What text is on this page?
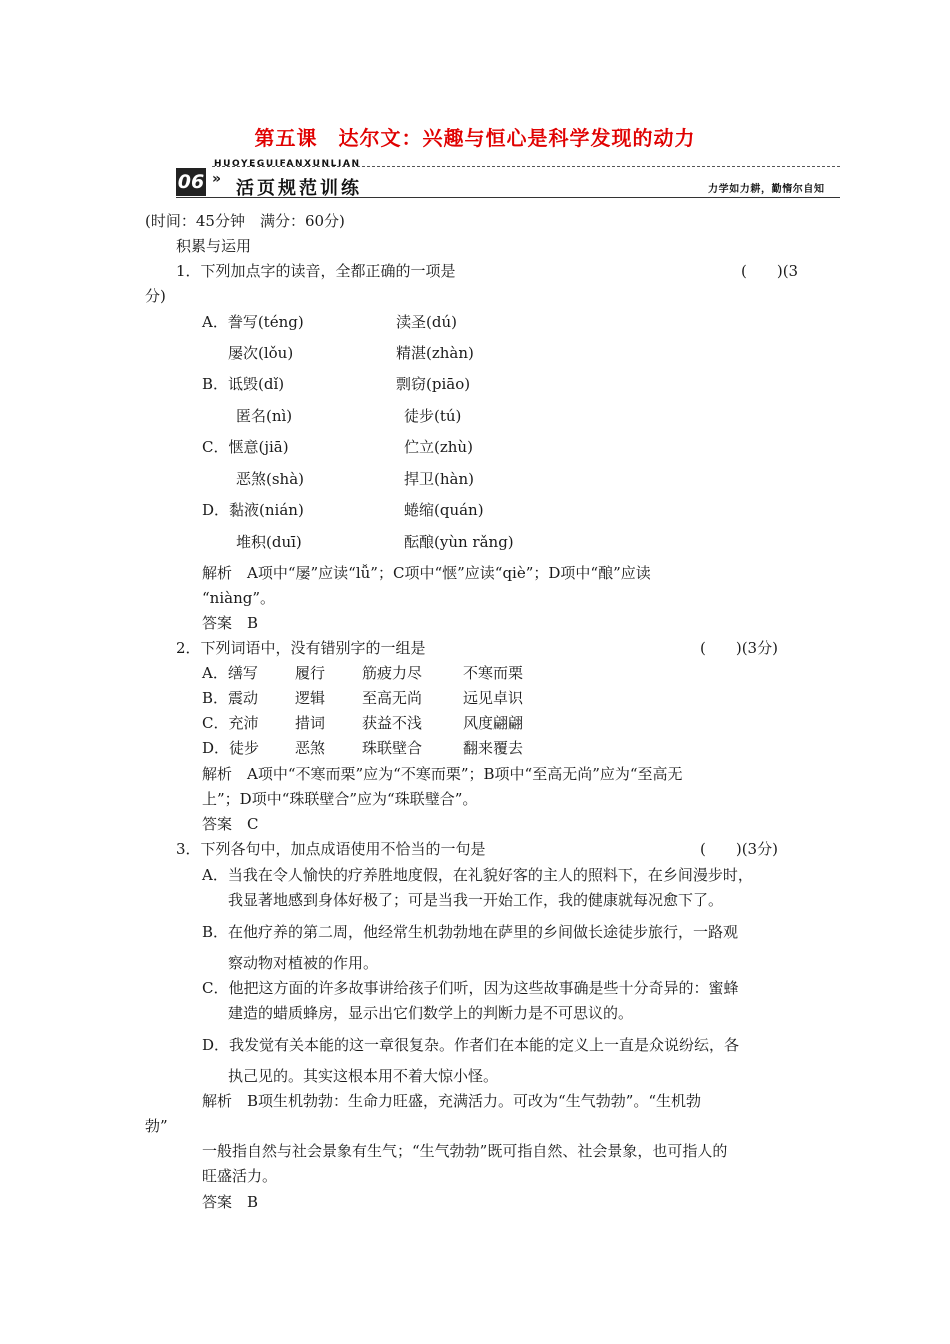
第五课　达尔文：兴趣与恒心是科学发现的动力
06 »
HUOYEGUIFANXUNLIAN
活页规范训练	力学如力耕，勤惰尔自知
(时间：45分钟　满分：60分)
积累与运用
1．下列加点字的读音，全都正确的一项是	(　　)(3
分)
A．誊写(téng)	渎圣(dú)
屡次(lǒu)	精湛(zhàn)
B．诋毁(dǐ)	剽窃(piāo)
匿名(nì)	徒步(tú)
C．惬意(jiā)	伫立(zhù)
恶煞(shà)	捍卫(hàn)
D．黏液(nián)	蜷缩(quán)
堆积(duī)	酝酿(yùn rǎng)
解析　A项中“屡”应读“lǚ”；C项中“惬”应读“qiè”；D项中“酿”应读
“niàng”。
答案　B
2．下列词语中，没有错别字的一组是	(　　)(3分)
A．缮写 履行 筋疲力尽	不寒而栗
B．震动 逻辑 至高无尚	远见卓识
C．充沛 措词 获益不浅	风度翩翩
D．徒步 恶煞 珠联壁合	翻来覆去
解析　A项中“不寒而栗”应为“不寒而栗”；B项中“至高无尚”应为“至高无
上”；D项中“珠联壁合”应为“珠联璧合”。
答案　C
3．下列各句中，加点成语使用不恰当的一句是	(　　)(3分)
A．当我在令人愉快的疗养胜地度假，在礼貌好客的主人的照料下，在乡间漫步时，
我显著地感到身体好极了；可是当我一开始工作，我的健康就每况愈下了。
B．在他疗养的第二周，他经常生机勃勃地在萨里的乡间做长途徒步旅行，一路观
察动物对植被的作用。
C．他把这方面的许多故事讲给孩子们听，因为这些故事确是些十分奇异的：蜜蜂
建造的蜡质蜂房，显示出它们数学上的判断力是不可思议的。
D．我发觉有关本能的这一章很复杂。作者们在本能的定义上一直是众说纷纭，各
执己见的。其实这根本用不着大惊小怪。
解析　B项生机勃勃：生命力旺盛，充满活力。可改为“生气勃勃”。“生机勃
勃”
一般指自然与社会景象有生气；“生气勃勃”既可指自然、社会景象，也可指人的
旺盛活力。
答案　B
